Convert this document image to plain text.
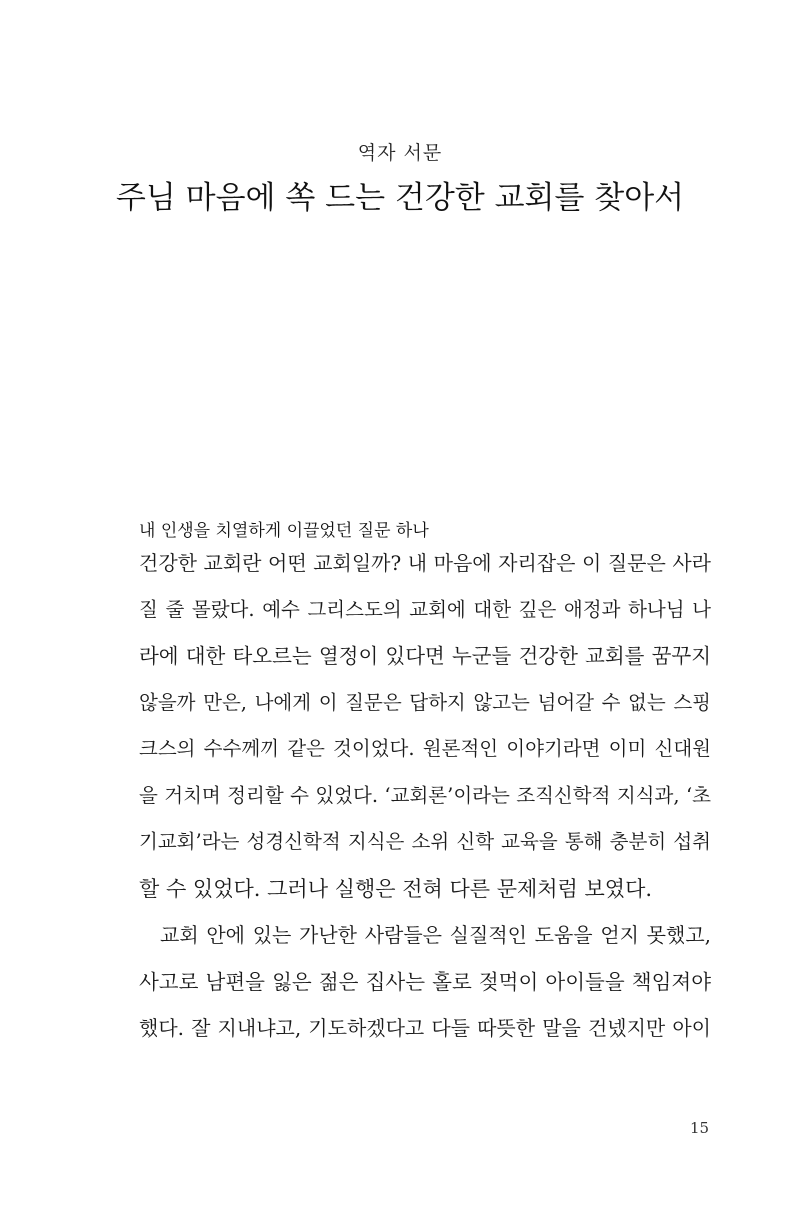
역자 서문
주님 마음에 쏙 드는 건강한 교회를 찾아서
내 인생을 치열하게 이끌었던 질문 하나
건강한 교회란 어떤 교회일까? 내 마음에 자리잡은 이 질문은 사라
질 줄 몰랐다. 예수 그리스도의 교회에 대한 깊은 애정과 하나님 나
라에 대한 타오르는 열정이 있다면 누군들 건강한 교회를 꿈꾸지
않을까 만은, 나에게 이 질문은 답하지 않고는 넘어갈 수 없는 스핑
크스의 수수께끼 같은 것이었다. 원론적인 이야기라면 이미 신대원
을 거치며 정리할 수 있었다. ‘교회론’이라는 조직신학적 지식과, ‘초
기교회’라는 성경신학적 지식은 소위 신학 교육을 통해 충분히 섭취
할 수 있었다. 그러나 실행은 전혀 다른 문제처럼 보였다.
교회 안에 있는 가난한 사람들은 실질적인 도움을 얻지 못했고,
사고로 남편을 잃은 젊은 집사는 홀로 젖먹이 아이들을 책임져야
했다. 잘 지내냐고, 기도하겠다고 다들 따뜻한 말을 건넸지만 아이
15
